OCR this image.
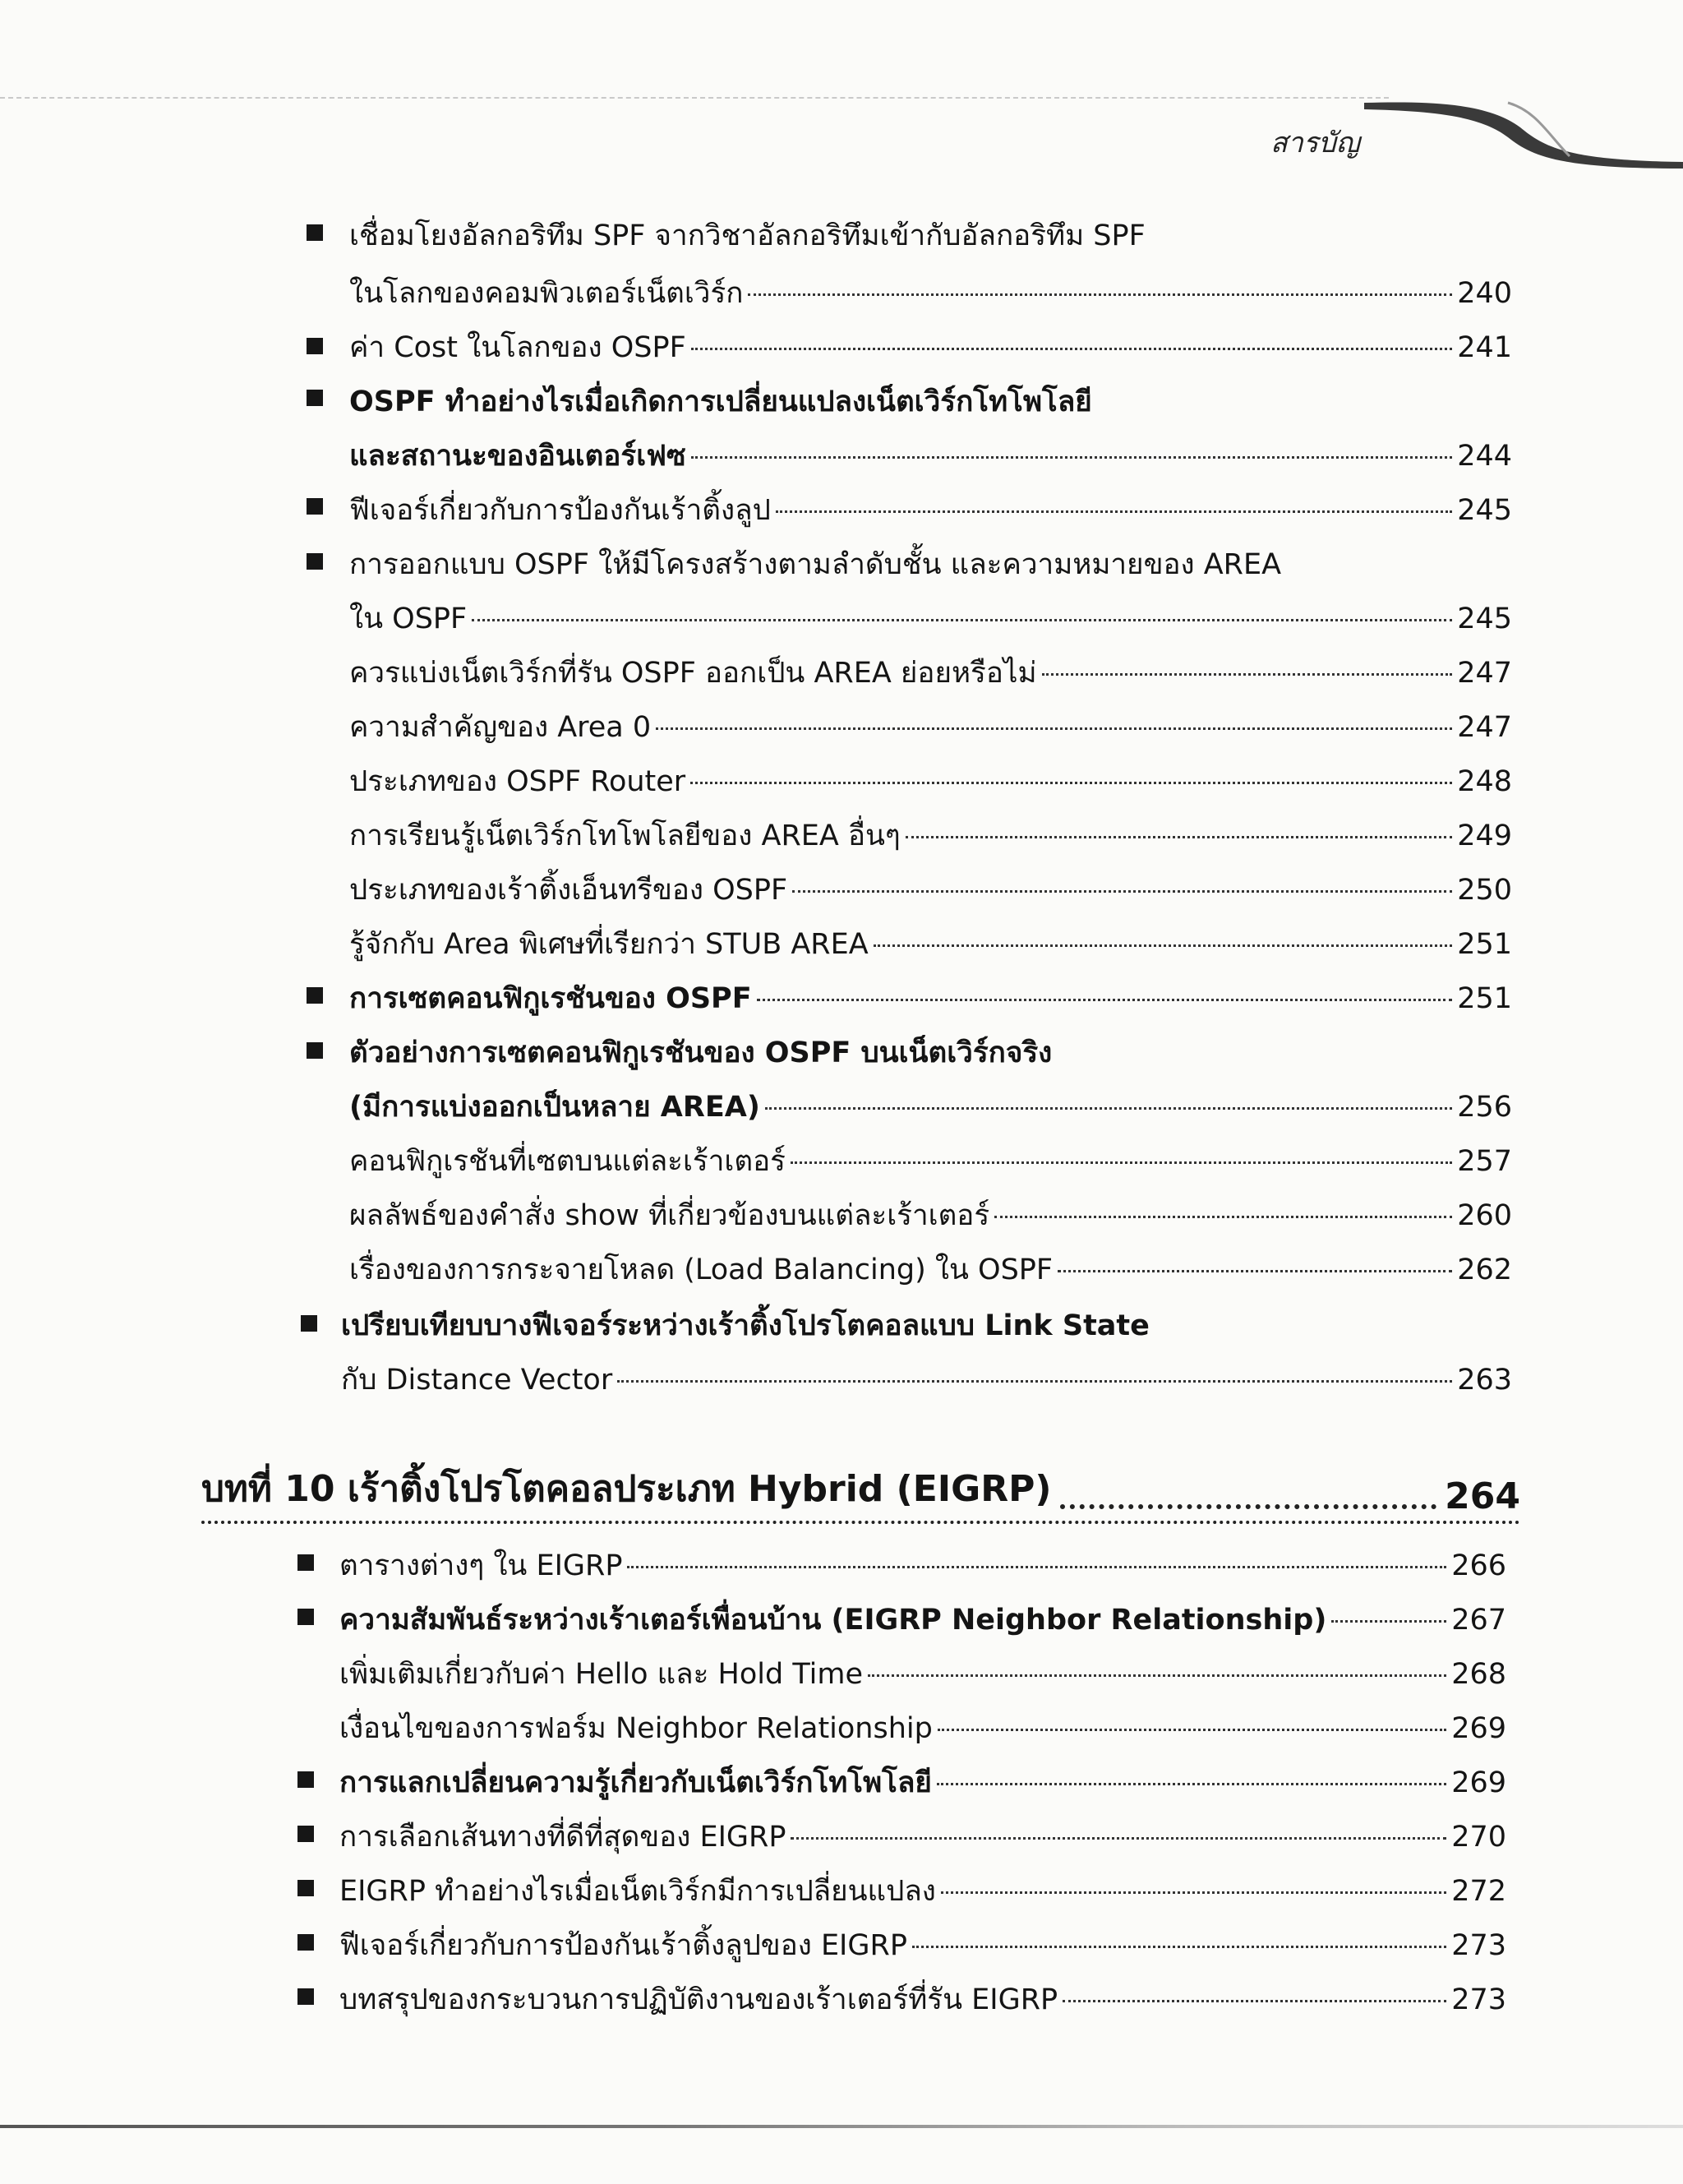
สารบัญ
เชื่อมโยงอัลกอริทึม SPF จากวิชาอัลกอริทึมเข้ากับอัลกอริทึม SPF
ในโลกของคอมพิวเตอร์เน็ตเวิร์ก	240
ค่า Cost ในโลกของ OSPF	241
OSPF ทำอย่างไรเมื่อเกิดการเปลี่ยนแปลงเน็ตเวิร์กโทโพโลยี
และสถานะของอินเตอร์เฟซ	244
ฟีเจอร์เกี่ยวกับการป้องกันเร้าติ้งลูป	245
การออกแบบ OSPF ให้มีโครงสร้างตามลำดับชั้น และความหมายของ AREA
ใน OSPF	245
ควรแบ่งเน็ตเวิร์กที่รัน OSPF ออกเป็น AREA ย่อยหรือไม่	247
ความสำคัญของ Area 0	247
ประเภทของ OSPF Router	248
การเรียนรู้เน็ตเวิร์กโทโพโลยีของ AREA อื่นๆ	249
ประเภทของเร้าติ้งเอ็นทรีของ OSPF	250
รู้จักกับ Area พิเศษที่เรียกว่า STUB AREA	251
การเซตคอนฟิกูเรชันของ OSPF	251
ตัวอย่างการเซตคอนฟิกูเรชันของ OSPF บนเน็ตเวิร์กจริง
(มีการแบ่งออกเป็นหลาย AREA)	256
คอนฟิกูเรชันที่เซตบนแต่ละเร้าเตอร์	257
ผลลัพธ์ของคำสั่ง show ที่เกี่ยวข้องบนแต่ละเร้าเตอร์	260
เรื่องของการกระจายโหลด (Load Balancing) ใน OSPF	262
เปรียบเทียบบางฟีเจอร์ระหว่างเร้าติ้งโปรโตคอลแบบ Link State
กับ Distance Vector	263
บทที่ 10 เร้าติ้งโปรโตคอลประเภท Hybrid (EIGRP)	264
ตารางต่างๆ ใน EIGRP	266
ความสัมพันธ์ระหว่างเร้าเตอร์เพื่อนบ้าน (EIGRP Neighbor Relationship)	267
เพิ่มเติมเกี่ยวกับค่า Hello และ Hold Time	268
เงื่อนไขของการฟอร์ม Neighbor Relationship	269
การแลกเปลี่ยนความรู้เกี่ยวกับเน็ตเวิร์กโทโพโลยี	269
การเลือกเส้นทางที่ดีที่สุดของ EIGRP	270
EIGRP ทำอย่างไรเมื่อเน็ตเวิร์กมีการเปลี่ยนแปลง	272
ฟีเจอร์เกี่ยวกับการป้องกันเร้าติ้งลูปของ EIGRP	273
บทสรุปของกระบวนการปฏิบัติงานของเร้าเตอร์ที่รัน EIGRP	273
